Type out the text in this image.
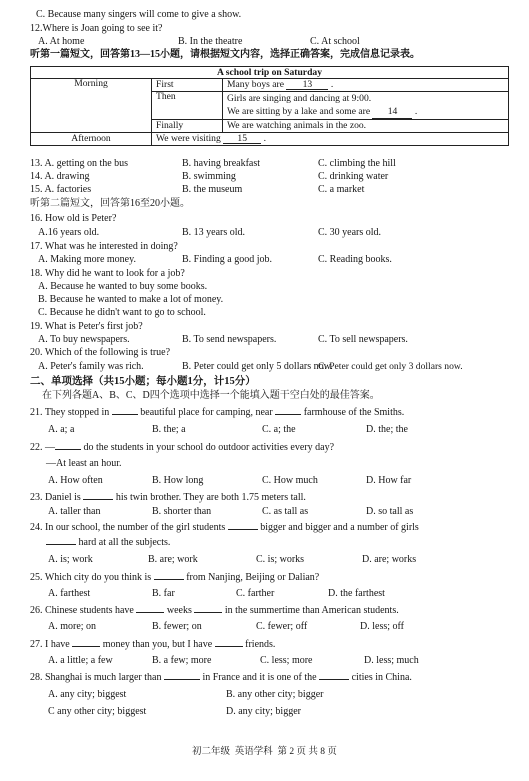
C. Because many singers will come to give a show.
12.Where is Joan going to see it?
A. At home	B. In the theatre	C. At school
听第一篇短文，回答第13—15小题，请根据短文内容，选择正确答案，完成信息记录表。
A school trip on Saturday		
Morning	First	Many boys are 13 .
	Then	Girls are singing and dancing at 9:00.
We are sitting by a lake and some are 14 .
	Finally	We are watching animals in the zoo.
Afternoon	We were visiting 15 .	
13. A. getting on the bus	B. having breakfast	C. climbing the hill
14. A. drawing	B. swimming	C. drinking water
15. A. factories	B. the museum	C. a market
听第二篇短文，回答第16至20小题。
16. How old is Peter?
A.16 years old.	B. 13 years old.	C. 30 years old.
17. What was he interested in doing?
A. Making more money.	B. Finding a good job.	C. Reading books.
18. Why did he want to look for a job?
A. Because he wanted to buy some books.
B. Because he wanted to make a lot of money.
C. Because he didn't want to go to school.
19. What is Peter's first job?
A. To buy newspapers.	B. To send newspapers.	C. To sell newspapers.
20. Which of the following is true?
A. Peter's family was rich.	B. Peter could get only 5 dollars now.
C. Peter could get only 3 dollars now.
二、单项选择（共15小题；每小题1分，计15分）
在下列各题A、B、C、D四个选项中选择一个能填入题干空白处的最佳答案。
21. They stopped in	beautiful place for camping, near	farmhouse of the Smiths.
A. a; a	B. the; a	C. a; the	D. the; the
22. —	do the students in your school do outdoor activities every day?
—At least an hour.
A. How often	B. How long	C. How much	D. How far
23. Daniel is	his twin brother. They are both 1.75 meters tall.
A. taller than	B. shorter than	C. as tall as	D. so tall as
24. In our school, the number of the girl students	bigger and bigger and a number of girls
hard at all the subjects.
A. is; work	B. are; work	C. is; works	D. are; works
25. Which city do you think is	from Nanjing, Beijing or Dalian?
A. farthest	B. far	C. farther	D. the farthest
26. Chinese students have	weeks	in the summertime than American students.
A. more; on	B. fewer; on	C. fewer; off	D. less; off
27. I have	money than you, but I have	friends.
A. a little; a few	B. a few; more	C. less; more	D. less; much
28. Shanghai is much larger than	in France and it is one of the	cities in China.
A. any city; biggest	B. any other city; bigger
C any other city; biggest	D. any city; bigger
初二年级  英语学科  第 2 页 共 8 页
